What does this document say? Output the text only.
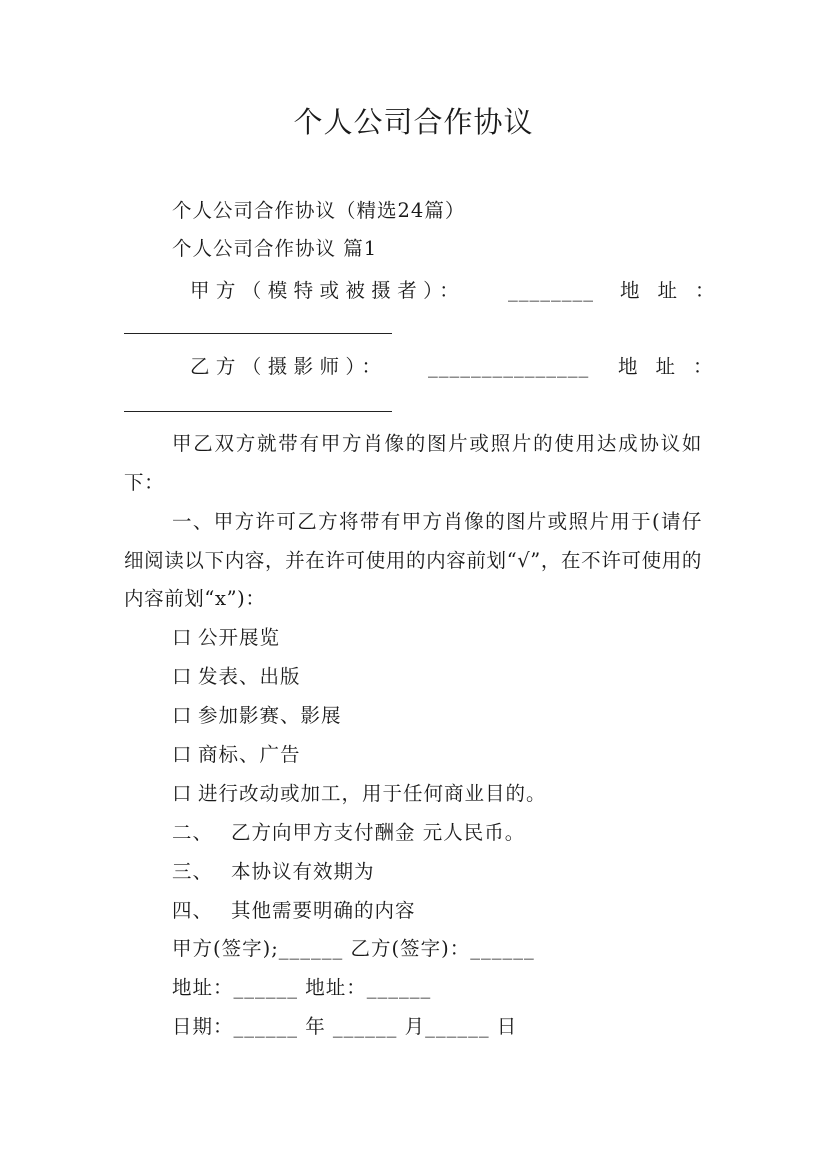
个人公司合作协议
个人公司合作协议（精选24篇）
个人公司合作协议 篇1
甲方（模特或被摄者）： ________ 地址：
乙方（摄影师）： _______________ 地址：
甲乙双方就带有甲方肖像的图片或照片的使用达成协议如下：
一、甲方许可乙方将带有甲方肖像的图片或照片用于(请仔细阅读以下内容，并在许可使用的内容前划“√”，在不许可使用的内容前划“x”)：
口 公开展览
口 发表、出版
口 参加影赛、影展
口 商标、广告
口 进行改动或加工，用于任何商业目的。
二、 乙方向甲方支付酬金 元人民币。
三、 本协议有效期为
四、 其他需要明确的内容
甲方(签字);______ 乙方(签字)：______
地址：______ 地址：______
日期：______ 年 ______ 月______ 日
